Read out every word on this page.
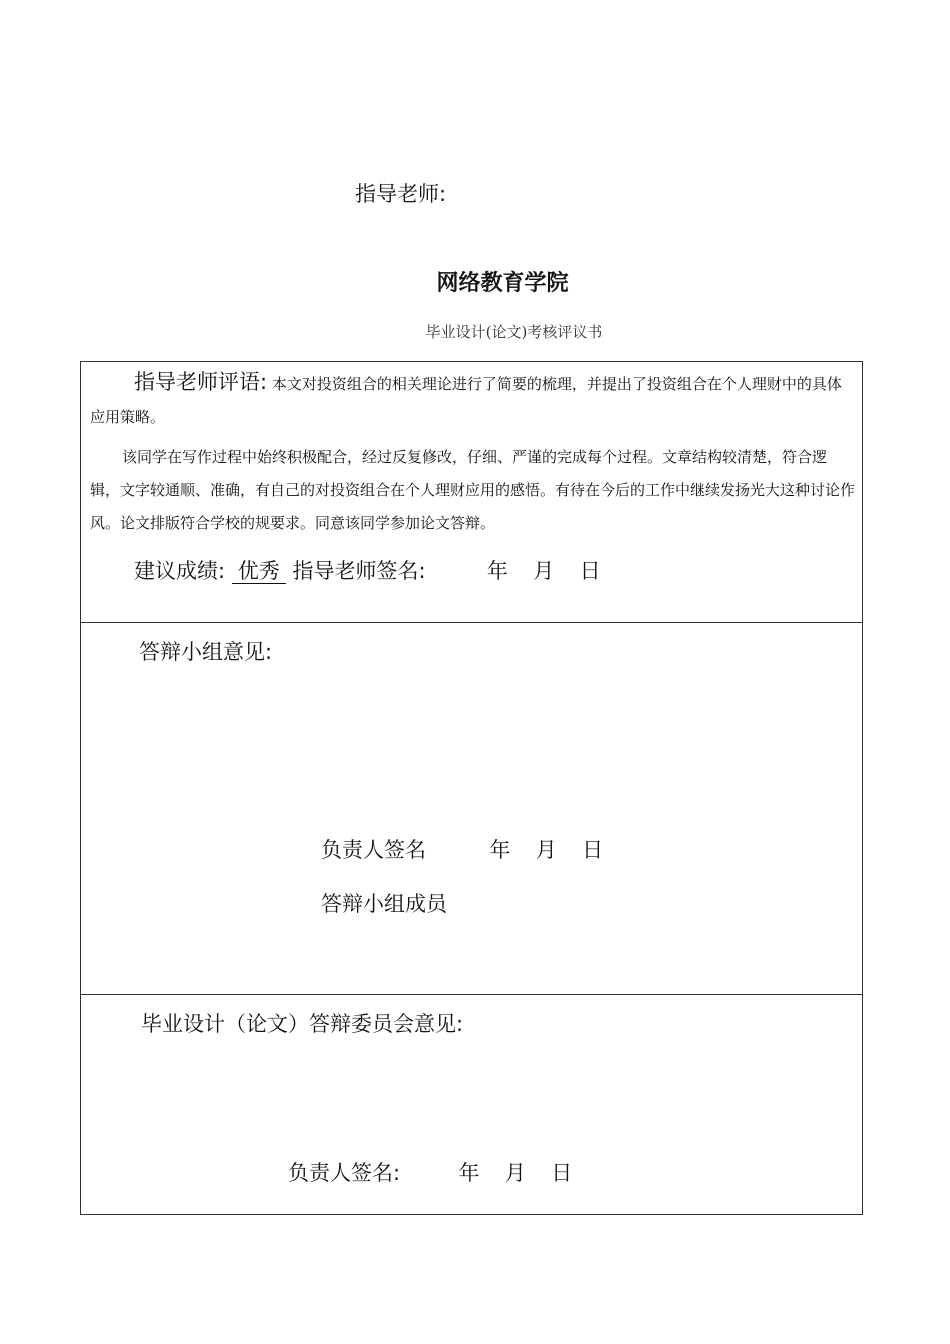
指导老师:
网络教育学院
毕业设计(论文)考核评议书
指导老师评语: 本文对投资组合的相关理论进行了简要的梳理，并提出了投资组合在个人理财中的具体应用策略。
该同学在写作过程中始终积极配合，经过反复修改，仔细、严谨的完成每个过程。文章结构较清楚，符合逻辑，文字较通顺、准确，有自己的对投资组合在个人理财应用的感悟。有待在今后的工作中继续发扬光大这种讨论作风。论文排版符合学校的规要求。同意该同学参加论文答辩。
建议成绩: 优秀 指导老师签名:	年 月 日
答辩小组意见:
负责人签名	年 月 日
答辩小组成员
毕业设计（论文）答辩委员会意见:
负责人签名:	年 月 日
